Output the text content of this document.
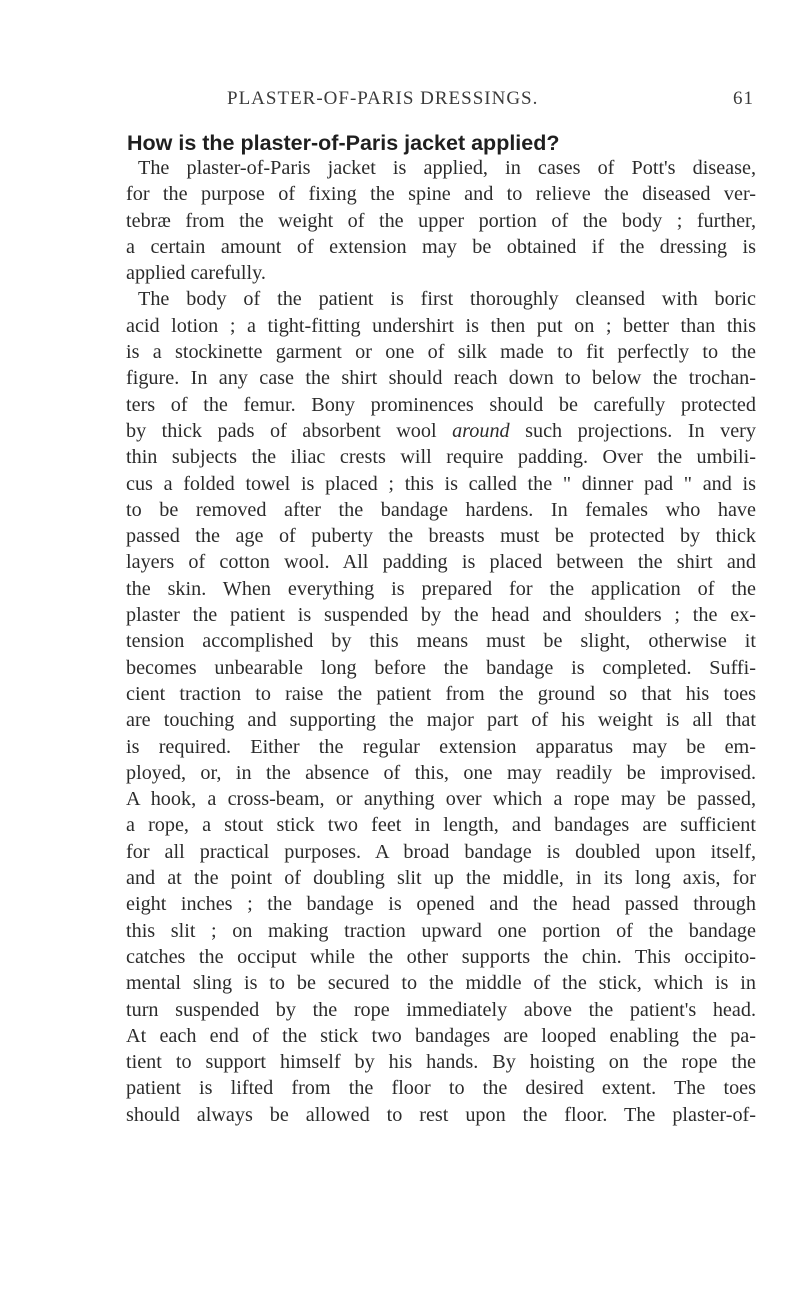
PLASTER-OF-PARIS DRESSINGS.	61
How is the plaster-of-Paris jacket applied?
The plaster-of-Paris jacket is applied, in cases of Pott's disease,
for the purpose of fixing the spine and to relieve the diseased ver-
tebræ from the weight of the upper portion of the body ; further,
a certain amount of extension may be obtained if the dressing is
applied carefully.
The body of the patient is first thoroughly cleansed with boric
acid lotion ; a tight-fitting undershirt is then put on ; better than this
is a stockinette garment or one of silk made to fit perfectly to the
figure. In any case the shirt should reach down to below the trochan-
ters of the femur. Bony prominences should be carefully protected
by thick pads of absorbent wool around such projections. In very
thin subjects the iliac crests will require padding. Over the umbili-
cus a folded towel is placed ; this is called the " dinner pad " and is
to be removed after the bandage hardens. In females who have
passed the age of puberty the breasts must be protected by thick
layers of cotton wool. All padding is placed between the shirt and
the skin. When everything is prepared for the application of the
plaster the patient is suspended by the head and shoulders ; the ex-
tension accomplished by this means must be slight, otherwise it
becomes unbearable long before the bandage is completed. Suffi-
cient traction to raise the patient from the ground so that his toes
are touching and supporting the major part of his weight is all that
is required. Either the regular extension apparatus may be em-
ployed, or, in the absence of this, one may readily be improvised.
A hook, a cross-beam, or anything over which a rope may be passed,
a rope, a stout stick two feet in length, and bandages are sufficient
for all practical purposes. A broad bandage is doubled upon itself,
and at the point of doubling slit up the middle, in its long axis, for
eight inches ; the bandage is opened and the head passed through
this slit ; on making traction upward one portion of the bandage
catches the occiput while the other supports the chin. This occipito-
mental sling is to be secured to the middle of the stick, which is in
turn suspended by the rope immediately above the patient's head.
At each end of the stick two bandages are looped enabling the pa-
tient to support himself by his hands. By hoisting on the rope the
patient is lifted from the floor to the desired extent. The toes
should always be allowed to rest upon the floor. The plaster-of-
